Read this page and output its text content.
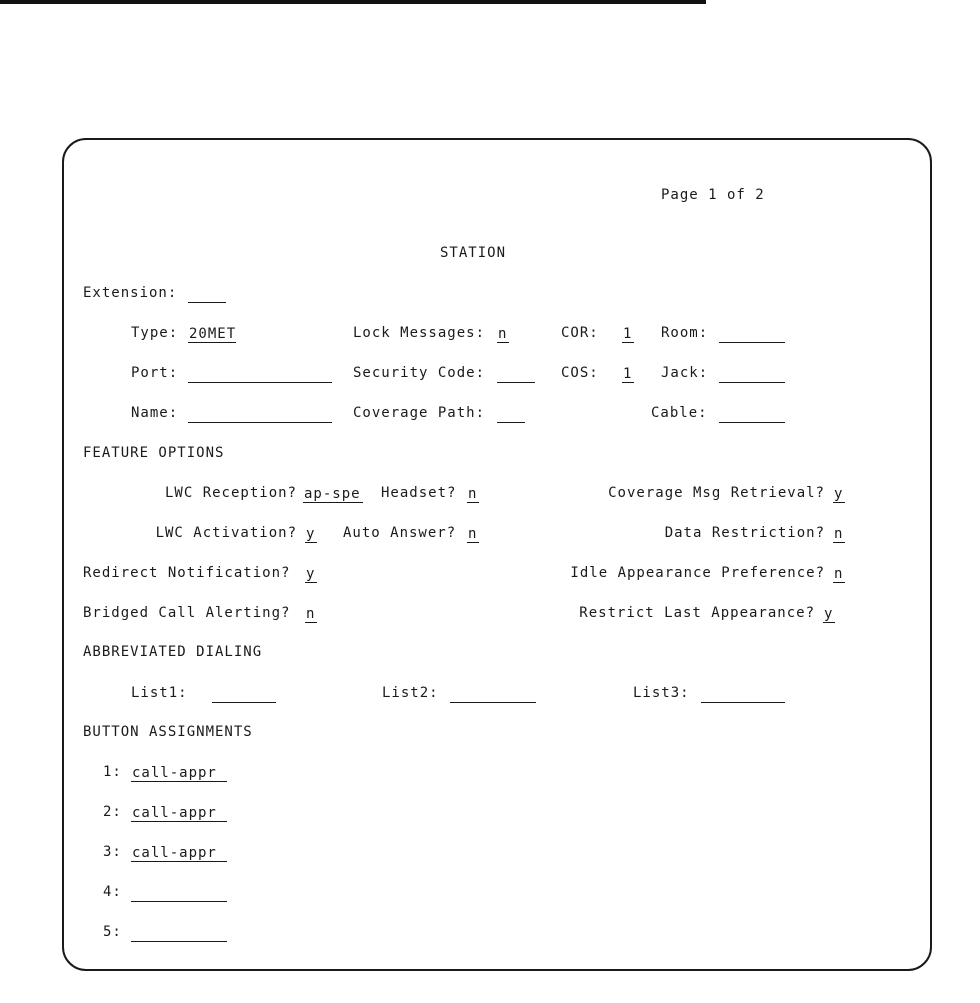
Page 1 of 2
STATION
Extension:
Type: 20MET	Lock Messages: n	COR: 1 Room:
Port:	Security Code:	COS: 1 Jack:
Name:	Coverage Path:	Cable:
FEATURE OPTIONS
LWC Reception? ap-spe Headset? n	Coverage Msg Retrieval? y
LWC Activation? y Auto Answer? n	Data Restriction? n
Redirect Notification? y	Idle Appearance Preference? n
Bridged Call Alerting? n	Restrict Last Appearance? y
ABBREVIATED DIALING
List1:	List2:	List3:
BUTTON ASSIGNMENTS
1: call-appr
2: call-appr
3: call-appr
4:
5:
